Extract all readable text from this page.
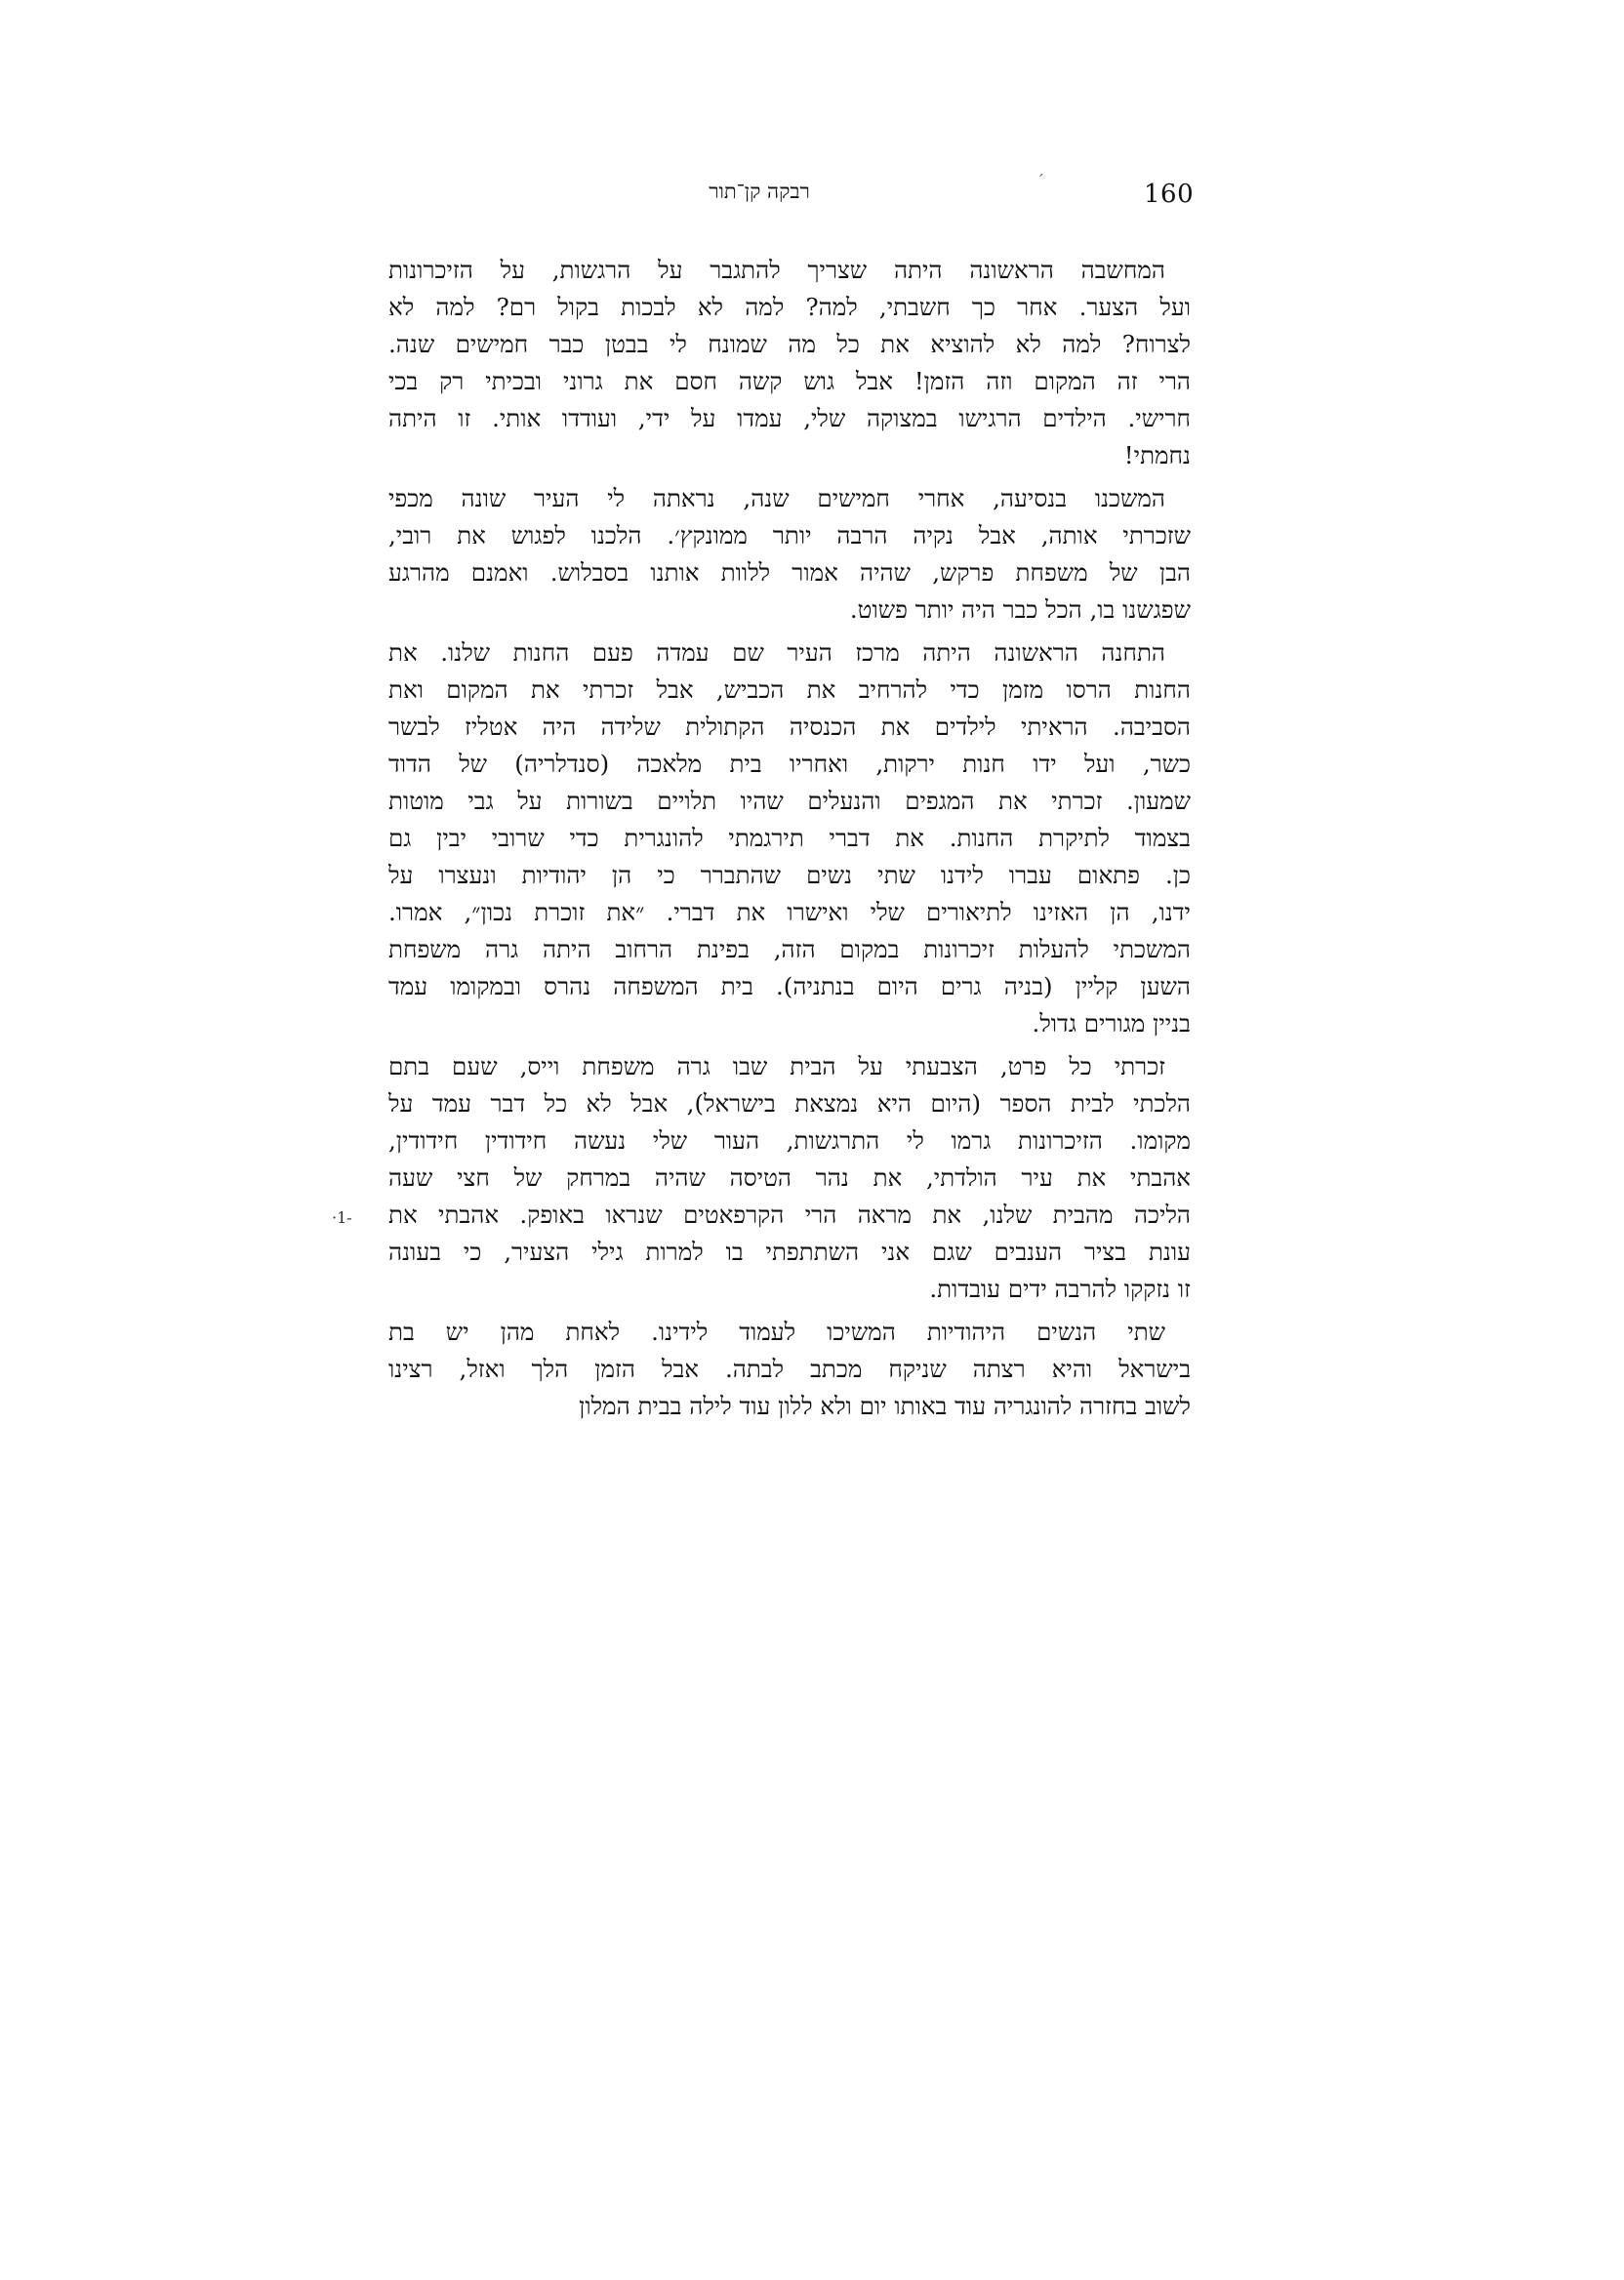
160
´
רבקה קן־תור
·1-
המחשבה הראשונה היתה שצריך להתגבר על הרגשות, על הזיכרונות
ועל הצער. אחר כך חשבתי, למה? למה לא לבכות בקול רם? למה לא
לצרוח? למה לא להוציא את כל מה שמונח לי בבטן כבר חמישים שנה.
הרי זה המקום וזה הזמן! אבל גוש קשה חסם את גרוני ובכיתי רק בכי
חרישי. הילדים הרגישו במצוקה שלי, עמדו על ידי, ועודדו אותי. זו היתה
נחמתי!
המשכנו בנסיעה, אחרי חמישים שנה, נראתה לי העיר שונה מכפי
שזכרתי אותה, אבל נקיה הרבה יותר ממונקץ׳. הלכנו לפגוש את רובי,
הבן של משפחת פרקש, שהיה אמור ללוות אותנו בסבלוש. ואמנם מהרגע
שפגשנו בו, הכל כבר היה יותר פשוט.
התחנה הראשונה היתה מרכז העיר שם עמדה פעם החנות שלנו. את
החנות הרסו מזמן כדי להרחיב את הכביש, אבל זכרתי את המקום ואת
הסביבה. הראיתי לילדים את הכנסיה הקתולית שלידה היה אטליז לבשר
כשר, ועל ידו חנות ירקות, ואחריו בית מלאכה (סנדלריה) של הדוד
שמעון. זכרתי את המגפים והנעלים שהיו תלויים בשורות על גבי מוטות
בצמוד לתיקרת החנות. את דברי תירגמתי להונגרית כדי שרובי יבין גם
כן. פתאום עברו לידנו שתי נשים שהתברר כי הן יהודיות ונעצרו על
ידנו, הן האזינו לתיאורים שלי ואישרו את דברי. ״את זוכרת נכון״, אמרו.
המשכתי להעלות זיכרונות במקום הזה, בפינת הרחוב היתה גרה משפחת
השען קליין (בניה גרים היום בנתניה). בית המשפחה נהרס ובמקומו עמד
בניין מגורים גדול.
זכרתי כל פרט, הצבעתי על הבית שבו גרה משפחת וייס, שעם בתם
הלכתי לבית הספר (היום היא נמצאת בישראל), אבל לא כל דבר עמד על
מקומו. הזיכרונות גרמו לי התרגשות, העור שלי נעשה חידודין חידודין,
אהבתי את עיר הולדתי, את נהר הטיסה שהיה במרחק של חצי שעה
הליכה מהבית שלנו, את מראה הרי הקרפאטים שנראו באופק. אהבתי את
עונת בציר הענבים שגם אני השתתפתי בו למרות גילי הצעיר, כי בעונה
זו נזקקו להרבה ידים עובדות.
שתי הנשים היהודיות המשיכו לעמוד לידינו. לאחת מהן יש בת
בישראל והיא רצתה שניקח מכתב לבתה. אבל הזמן הלך ואזל, רצינו
לשוב בחזרה להונגריה עוד באותו יום ולא ללון עוד לילה בבית המלון
